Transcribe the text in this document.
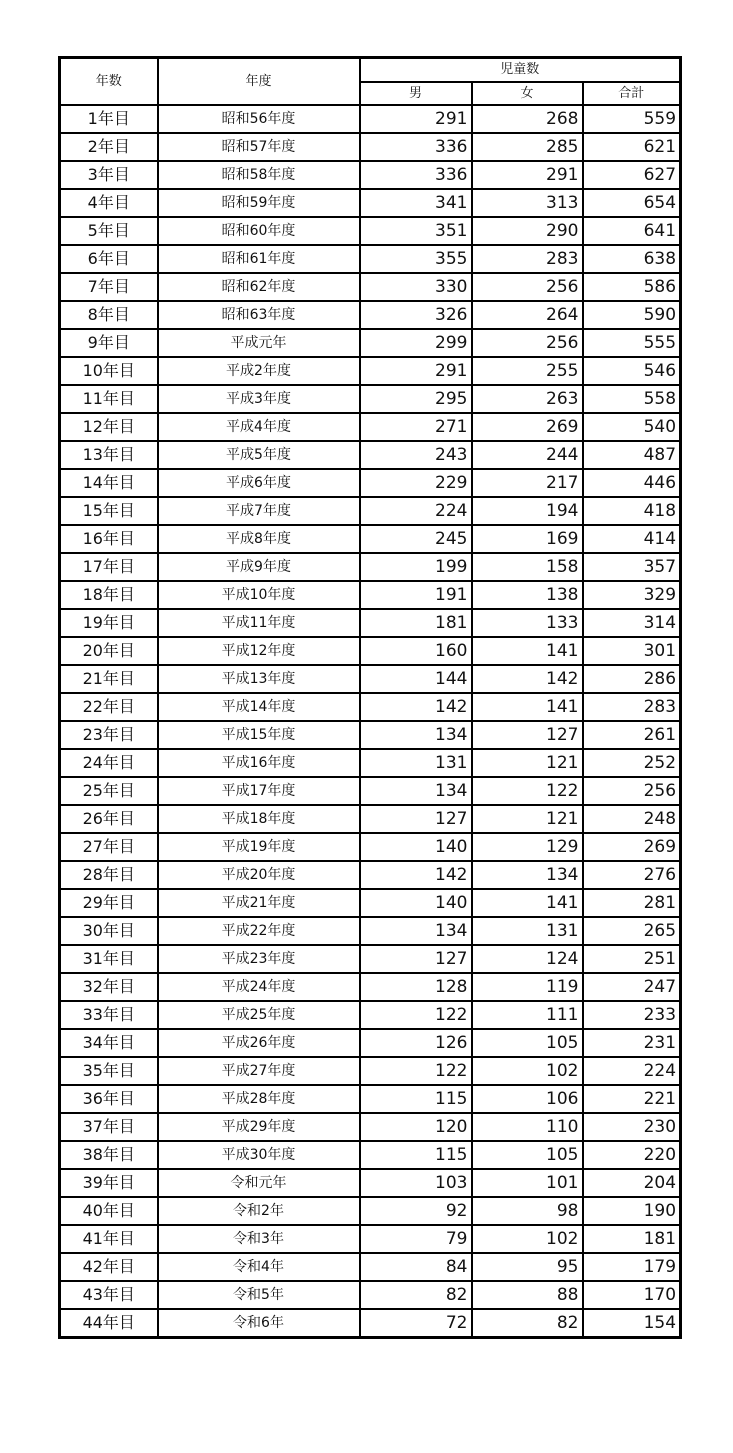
年数	年度	児童数		
		男	女	合計
1年目	昭和56年度	291	268	559
2年目	昭和57年度	336	285	621
3年目	昭和58年度	336	291	627
4年目	昭和59年度	341	313	654
5年目	昭和60年度	351	290	641
6年目	昭和61年度	355	283	638
7年目	昭和62年度	330	256	586
8年目	昭和63年度	326	264	590
9年目	平成元年	299	256	555
10年目	平成2年度	291	255	546
11年目	平成3年度	295	263	558
12年目	平成4年度	271	269	540
13年目	平成5年度	243	244	487
14年目	平成6年度	229	217	446
15年目	平成7年度	224	194	418
16年目	平成8年度	245	169	414
17年目	平成9年度	199	158	357
18年目	平成10年度	191	138	329
19年目	平成11年度	181	133	314
20年目	平成12年度	160	141	301
21年目	平成13年度	144	142	286
22年目	平成14年度	142	141	283
23年目	平成15年度	134	127	261
24年目	平成16年度	131	121	252
25年目	平成17年度	134	122	256
26年目	平成18年度	127	121	248
27年目	平成19年度	140	129	269
28年目	平成20年度	142	134	276
29年目	平成21年度	140	141	281
30年目	平成22年度	134	131	265
31年目	平成23年度	127	124	251
32年目	平成24年度	128	119	247
33年目	平成25年度	122	111	233
34年目	平成26年度	126	105	231
35年目	平成27年度	122	102	224
36年目	平成28年度	115	106	221
37年目	平成29年度	120	110	230
38年目	平成30年度	115	105	220
39年目	令和元年	103	101	204
40年目	令和2年	92	98	190
41年目	令和3年	79	102	181
42年目	令和4年	84	95	179
43年目	令和5年	82	88	170
44年目	令和6年	72	82	154
